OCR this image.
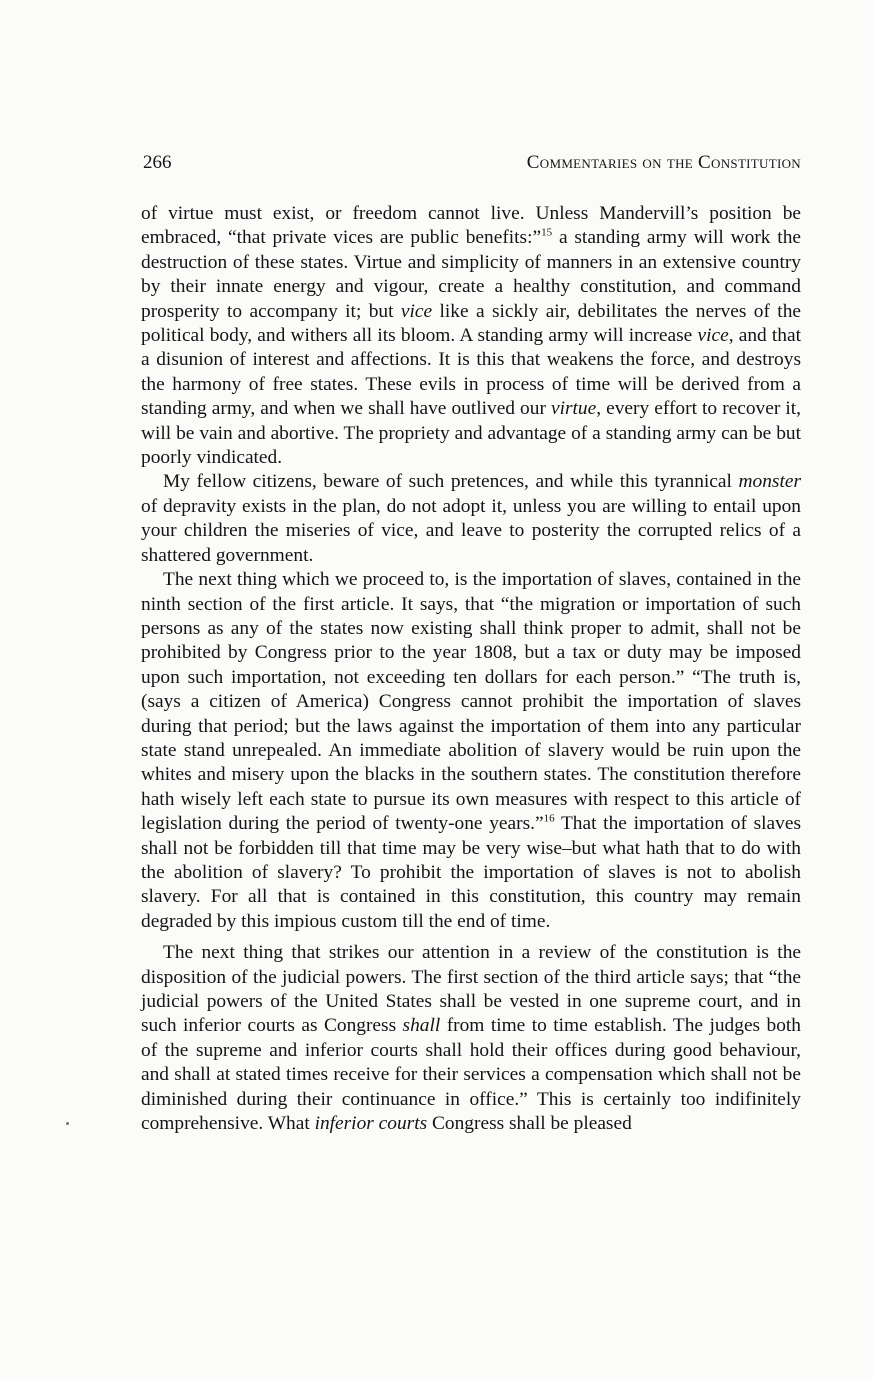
266	Commentaries on the Constitution

of virtue must exist, or freedom cannot live. Unless Mandervill’s position be embraced, “that private vices are public benefits:”$^{15}$ a standing army will work the destruction of these states. Virtue and simplicity of manners in an extensive country by their innate energy and vigour, create a healthy constitution, and command prosperity to accompany it; but vice like a sickly air, debilitates the nerves of the political body, and withers all its bloom. A standing army will increase vice, and that a disunion of interest and affections. It is this that weakens the force, and destroys the harmony of free states. These evils in process of time will be derived from a standing army, and when we shall have outlived our virtue, every effort to recover it, will be vain and abortive. The propriety and advantage of a standing army can be but poorly vindicated.

My fellow citizens, beware of such pretences, and while this tyrannical monster of depravity exists in the plan, do not adopt it, unless you are willing to entail upon your children the miseries of vice, and leave to posterity the corrupted relics of a shattered government.

The next thing which we proceed to, is the importation of slaves, contained in the ninth section of the first article. It says, that “the migration or importation of such persons as any of the states now existing shall think proper to admit, shall not be prohibited by Congress prior to the year 1808, but a tax or duty may be imposed upon such importation, not exceeding ten dollars for each person.” “The truth is, (says a citizen of America) Congress cannot prohibit the importation of slaves during that period; but the laws against the importation of them into any particular state stand unrepealed. An immediate abolition of slavery would be ruin upon the whites and misery upon the blacks in the southern states. The constitution therefore hath wisely left each state to pursue its own measures with respect to this article of legislation during the period of twenty-one years.”$^{16}$ That the importation of slaves shall not be forbidden till that time may be very wise–but what hath that to do with the abolition of slavery? To prohibit the importation of slaves is not to abolish slavery. For all that is contained in this constitution, this country may remain degraded by this impious custom till the end of time.

The next thing that strikes our attention in a review of the constitution is the disposition of the judicial powers. The first section of the third article says; that “the judicial powers of the United States shall be vested in one supreme court, and in such inferior courts as Congress shall from time to time establish. The judges both of the supreme and inferior courts shall hold their offices during good behaviour, and shall at stated times receive for their services a compensation which shall not be diminished during their continuance in office.” This is certainly too indifinitely comprehensive. What inferior courts Congress shall be pleased
